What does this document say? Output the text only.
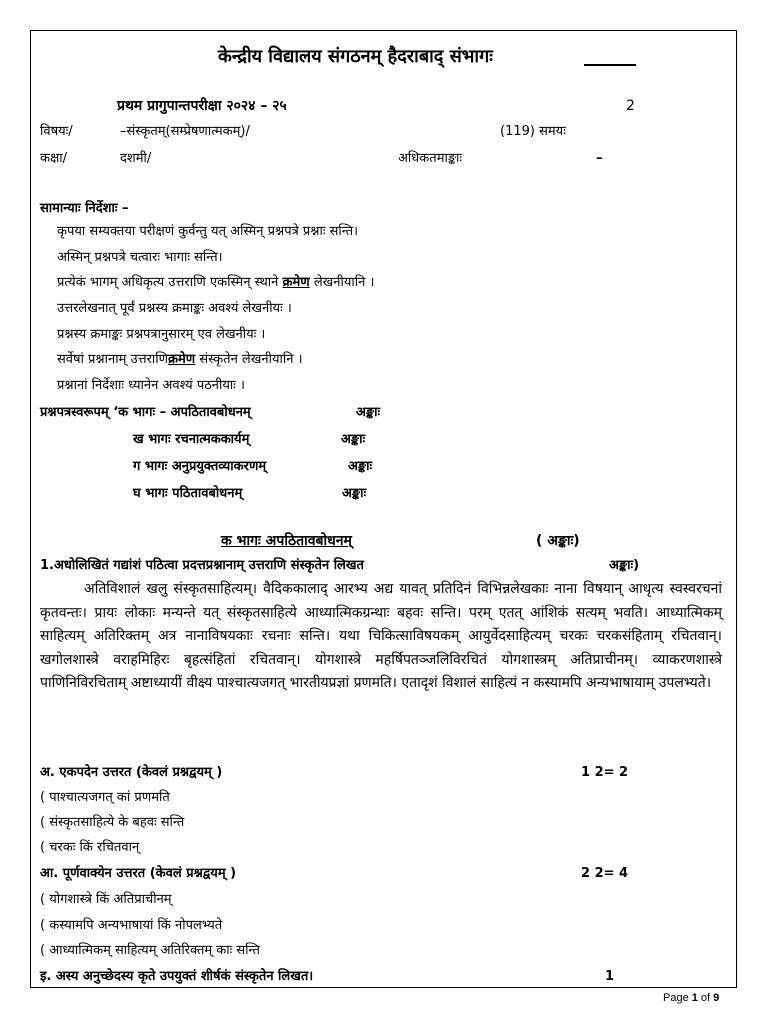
केन्द्रीय विद्यालय संगठनम् हैदराबाद् संभागः
प्रथम प्रागुपान्तपरीक्षा २०२४ – २५	2
विषयः/	–संस्कृतम्(सम्प्रेषणात्मकम्)/	(119) समयः
कक्षा/	दशमी/	अधिकतमाङ्काः	–
सामान्याः निर्देशाः –
कृपया सम्यक्तया परीक्षणं कुर्वन्तु यत् अस्मिन् प्रश्नपत्रे प्रश्नाः सन्ति।
अस्मिन् प्रश्नपत्रे चत्वारः भागाः सन्ति।
प्रत्येकं भागम् अधिकृत्य उत्तराणि एकस्मिन् स्थाने क्रमेण लेखनीयानि ।
उत्तरलेखनात् पूर्वं प्रश्नस्य क्रमाङ्कः अवश्यं लेखनीयः ।
प्रश्नस्य क्रमाङ्कः प्रश्नपत्रानुसारम् एव लेखनीयः ।
सर्वेषां प्रश्नानाम् उत्तराणिक्रमेण संस्कृतेन लेखनीयानि ।
प्रश्नानां निर्देशाः ध्यानेन अवश्यं पठनीयाः ।
प्रश्नपत्रस्वरूपम् ‘क भागः – अपठितावबोधनम्	अङ्काः
ख भागः रचनात्मककार्यम्	अङ्काः
ग भागः अनुप्रयुक्तव्याकरणम्	अङ्काः
घ भागः पठितावबोधनम्	अङ्काः
क भागः अपठितावबोधनम्	( अङ्काः)
1.अधोलिखितं गद्यांशं पठित्वा प्रदत्तप्रश्नानाम् उत्तराणि संस्कृतेन लिखत	अङ्काः)
अतिविशालं खलु संस्कृतसाहित्यम्। वैदिककालाद् आरभ्य अद्य यावत् प्रतिदिनं विभिन्नलेखकाः नाना विषयान् आधृत्य स्वस्वरचनां कृतवन्तः। प्रायः लोकाः मन्यन्ते यत् संस्कृतसाहित्ये आध्यात्मिकग्रन्थाः बहवः सन्ति। परम् एतत् आंशिकं सत्यम् भवति। आध्यात्मिकम् साहित्यम् अतिरिक्तम् अत्र नानाविषयकाः रचनाः सन्ति। यथा चिकित्साविषयकम् आयुर्वेदसाहित्यम् चरकः चरकसंहिताम् रचितवान्। खगोलशास्त्रे वराहमिहिरः बृहत्संहितां रचितवान्। योगशास्त्रे महर्षिपतञ्जलिविरचितं योगशास्त्रम् अतिप्राचीनम्। व्याकरणशास्त्रे पाणिनिविरचिताम् अष्टाध्यायीं वीक्ष्य पाश्चात्यजगत् भारतीयप्रज्ञां प्रणमति। एतादृशं विशालं साहित्यं न कस्यामपि अन्यभाषायाम् उपलभ्यते।
अ. एकपदेन उत्तरत (केवलं प्रश्नद्वयम् )	1 2= 2
( पाश्चात्यजगत् कां प्रणमति
( संस्कृतसाहित्ये के बहवः सन्ति
( चरकः किं रचितवान्
आ. पूर्णवाक्येन उत्तरत (केवलं प्रश्नद्वयम् )	2 2= 4
( योगशास्त्रे किं अतिप्राचीनम्
( कस्यामपि अन्यभाषायां किं नोपलभ्यते
( आध्यात्मिकम् साहित्यम् अतिरिक्तम् काः सन्ति
इ. अस्य अनुच्छेदस्य कृते उपयुक्तं शीर्षकं संस्कृतेन लिखत।	1
Page 1 of 9
